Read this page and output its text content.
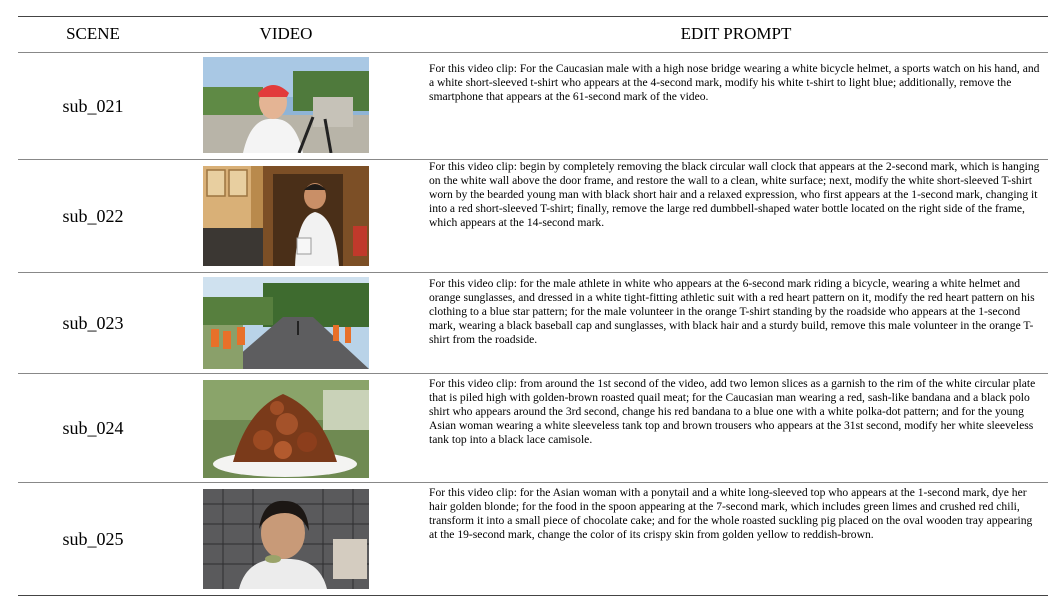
SCENE	VIDEO	EDIT PROMPT
sub_021
For this video clip: For the Caucasian male with a high nose bridge wearing a white bicycle helmet, a sports watch on his hand, and a white short-sleeved t-shirt who appears at the 4-second mark, modify his white t-shirt to light blue; additionally, remove the smartphone that appears at the 61-second mark of the video.
sub_022
For this video clip: begin by completely removing the black circular wall clock that appears at the 2-second mark, which is hanging on the white wall above the door frame, and restore the wall to a clean, white surface; next, modify the white short-sleeved T-shirt worn by the bearded young man with black short hair and a relaxed expression, who first appears at the 1-second mark, changing it into a red short-sleeved T-shirt; finally, remove the large red dumbbell-shaped water bottle located on the right side of the frame, which appears at the 14-second mark.
sub_023
For this video clip: for the male athlete in white who appears at the 6-second mark riding a bicycle, wearing a white helmet and orange sunglasses, and dressed in a white tight-fitting athletic suit with a red heart pattern on it, modify the red heart pattern on his clothing to a blue star pattern; for the male volunteer in the orange T-shirt standing by the roadside who appears at the 1-second mark, wearing a black baseball cap and sunglasses, with black hair and a sturdy build, remove this male volunteer in the orange T-shirt from the roadside.
sub_024
For this video clip: from around the 1st second of the video, add two lemon slices as a garnish to the rim of the white circular plate that is piled high with golden-brown roasted quail meat; for the Caucasian man wearing a red, sash-like bandana and a black polo shirt who appears around the 3rd second, change his red bandana to a blue one with a white polka-dot pattern; and for the young Asian woman wearing a white sleeveless tank top and brown trousers who appears at the 31st second, modify her white sleeveless tank top into a black lace camisole.
sub_025
For this video clip: for the Asian woman with a ponytail and a white long-sleeved top who appears at the 1-second mark, dye her hair golden blonde; for the food in the spoon appearing at the 7-second mark, which includes green limes and crushed red chili, transform it into a small piece of chocolate cake; and for the whole roasted suckling pig placed on the oval wooden tray appearing at the 19-second mark, change the color of its crispy skin from golden yellow to reddish-brown.
